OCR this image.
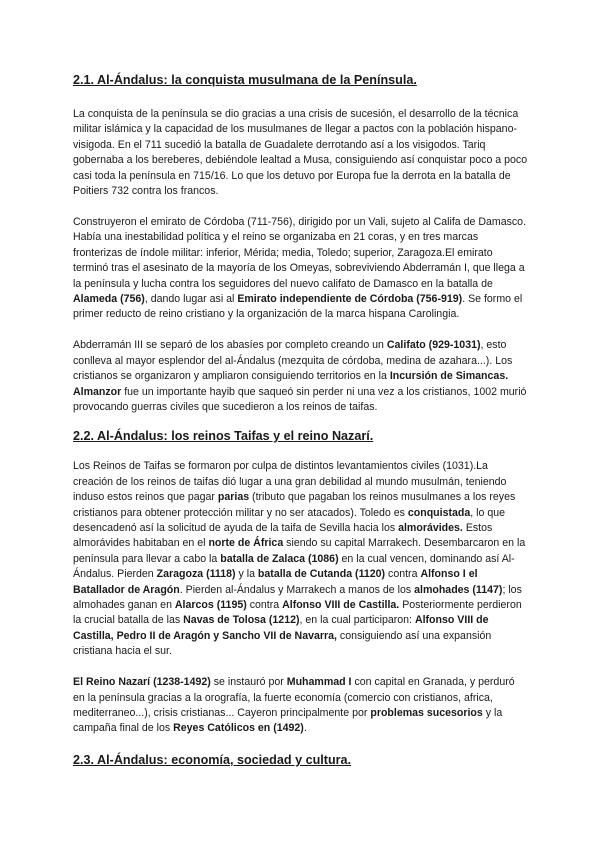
2.1. Al-Ándalus: la conquista musulmana de la Península.

La conquista de la península se dio gracias a una crisis de sucesión, el desarrollo de la técnica militar islámica y la capacidad de los musulmanes de llegar a pactos con la población hispano-visigoda. En el 711 sucedió la batalla de Guadalete derrotando así a los visigodos. Tariq gobernaba a los bereberes, debiéndole lealtad a Musa, consiguiendo así conquistar poco a poco casi toda la península en 715/16. Lo que los detuvo por Europa fue la derrota en la batalla de Poitiers 732 contra los francos.

Construyeron el emirato de Córdoba (711-756), dirigido por un Vali, sujeto al Califa de Damasco. Había una inestabilidad política y el reino se organizaba en 21 coras, y en tres marcas fronterizas de índole militar: inferior, Mérida; media, Toledo; superior, Zaragoza.El emirato terminó tras el asesinato de la mayoría de los Omeyas, sobreviviendo Abderramán I, que llega a la península y lucha contra los seguidores del nuevo califato de Damasco en la batalla de Alameda (756), dando lugar asi al Emirato independiente de Córdoba (756-919). Se formo el primer reducto de reino cristiano y la organización de la marca hispana Carolingia.

Abderramán III se separó de los abasíes por completo creando un Califato (929-1031), esto conlleva al mayor esplendor del al-Ándalus (mezquita de córdoba, medina de azahara...). Los cristianos se organizaron y ampliaron consiguiendo territorios en la Incursión de Simancas. Almanzor fue un importante hayib que saqueó sin perder ni una vez a los cristianos, 1002 murió provocando guerras civiles que sucedieron a los reinos de taifas.

2.2. Al-Ándalus: los reinos Taifas y el reino Nazarí.

Los Reinos de Taifas se formaron por culpa de distintos levantamientos civiles (1031).La creación de los reinos de taifas dió lugar a una gran debilidad al mundo musulmán, teniendo induso estos reinos que pagar parias (tributo que pagaban los reinos musulmanes a los reyes cristianos para obtener protección militar y no ser atacados). Toledo es conquistada, lo que desencadenó así la solicitud de ayuda de la taifa de Sevilla hacia los almorávides. Estos almorávides habitaban en el norte de África siendo su capital Marrakech. Desembarcaron en la península para llevar a cabo la batalla de Zalaca (1086) en la cual vencen, dominando así Al-Ándalus. Pierden Zaragoza (1118) y la batalla de Cutanda (1120) contra Alfonso I el Batallador de Aragón. Pierden al-Ándalus y Marrakech a manos de los almohades (1147); los almohades ganan en Alarcos (1195) contra Alfonso VIII de Castilla. Posteriormente perdieron la crucial batalla de las Navas de Tolosa (1212), en la cual participaron: Alfonso VIII de Castilla, Pedro II de Aragón y Sancho VII de Navarra, consiguiendo así una expansión cristiana hacia el sur.

El Reino Nazarí (1238-1492) se instauró por Muhammad I con capital en Granada, y perduró en la península gracias a la orografía, la fuerte economía (comercio con cristianos, africa, mediterraneo...), crisis cristianas... Cayeron principalmente por problemas sucesorios y la campaña final de los Reyes Católicos en (1492).

2.3. Al-Ándalus: economía, sociedad y cultura.
